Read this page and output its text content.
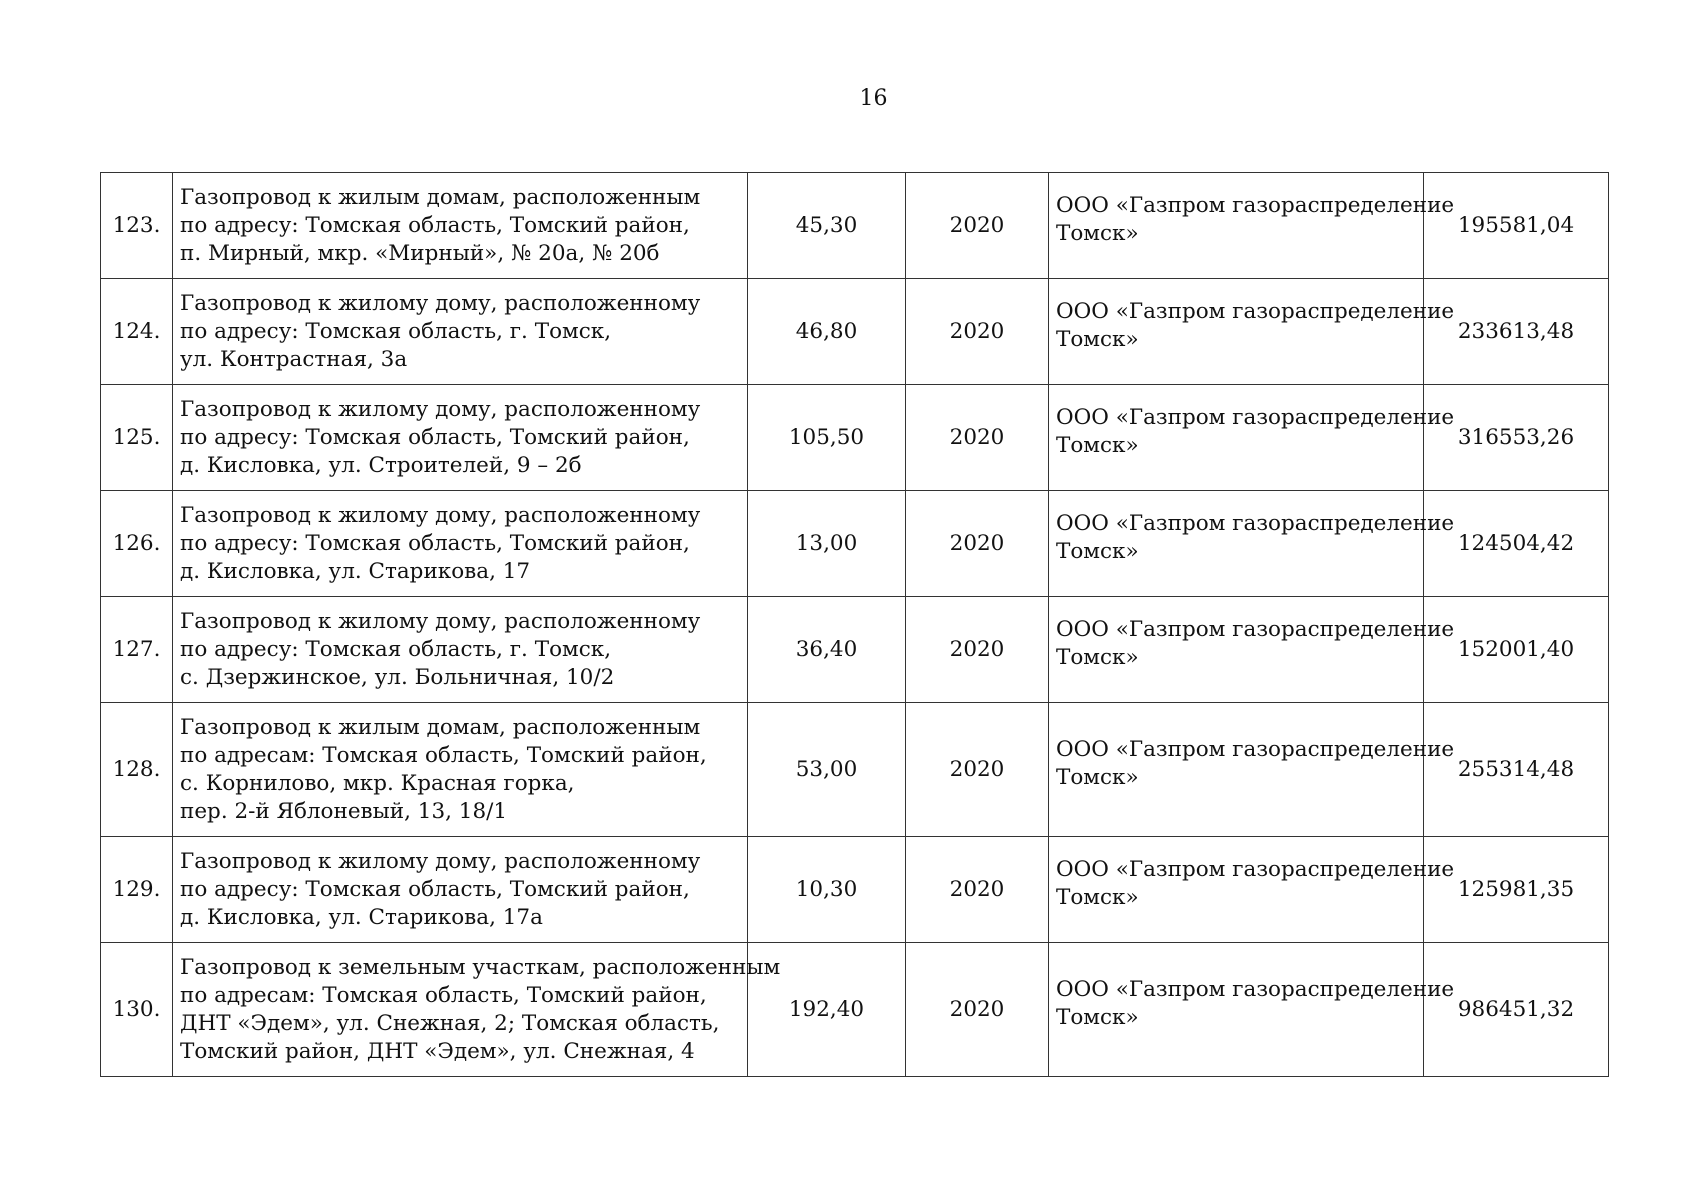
16
123.	Газопровод к жилым домам, расположенным
по адресу: Томская область, Томский район,
п. Мирный, мкр. «Мирный», № 20а, № 20б	45,30	2020	ООО «Газпром газораспределение
Томск»	195581,04
124.	Газопровод к жилому дому, расположенному
по адресу: Томская область, г. Томск,
ул. Контрастная, 3а	46,80	2020	ООО «Газпром газораспределение
Томск»	233613,48
125.	Газопровод к жилому дому, расположенному
по адресу: Томская область, Томский район,
д. Кисловка, ул. Строителей, 9 – 2б	105,50	2020	ООО «Газпром газораспределение
Томск»	316553,26
126.	Газопровод к жилому дому, расположенному
по адресу: Томская область, Томский район,
д. Кисловка, ул. Старикова, 17	13,00	2020	ООО «Газпром газораспределение
Томск»	124504,42
127.	Газопровод к жилому дому, расположенному
по адресу: Томская область, г. Томск,
с. Дзержинское, ул. Больничная, 10/2	36,40	2020	ООО «Газпром газораспределение
Томск»	152001,40
128.	Газопровод к жилым домам, расположенным
по адресам: Томская область, Томский район,
с. Корнилово, мкр. Красная горка,
пер. 2-й Яблоневый, 13, 18/1	53,00	2020	ООО «Газпром газораспределение
Томск»	255314,48
129.	Газопровод к жилому дому, расположенному
по адресу: Томская область, Томский район,
д. Кисловка, ул. Старикова, 17а	10,30	2020	ООО «Газпром газораспределение
Томск»	125981,35
130.	Газопровод к земельным участкам, расположенным
по адресам: Томская область, Томский район,
ДНТ «Эдем», ул. Снежная, 2; Томская область,
Томский район, ДНТ «Эдем», ул. Снежная, 4	192,40	2020	ООО «Газпром газораспределение
Томск»	986451,32
